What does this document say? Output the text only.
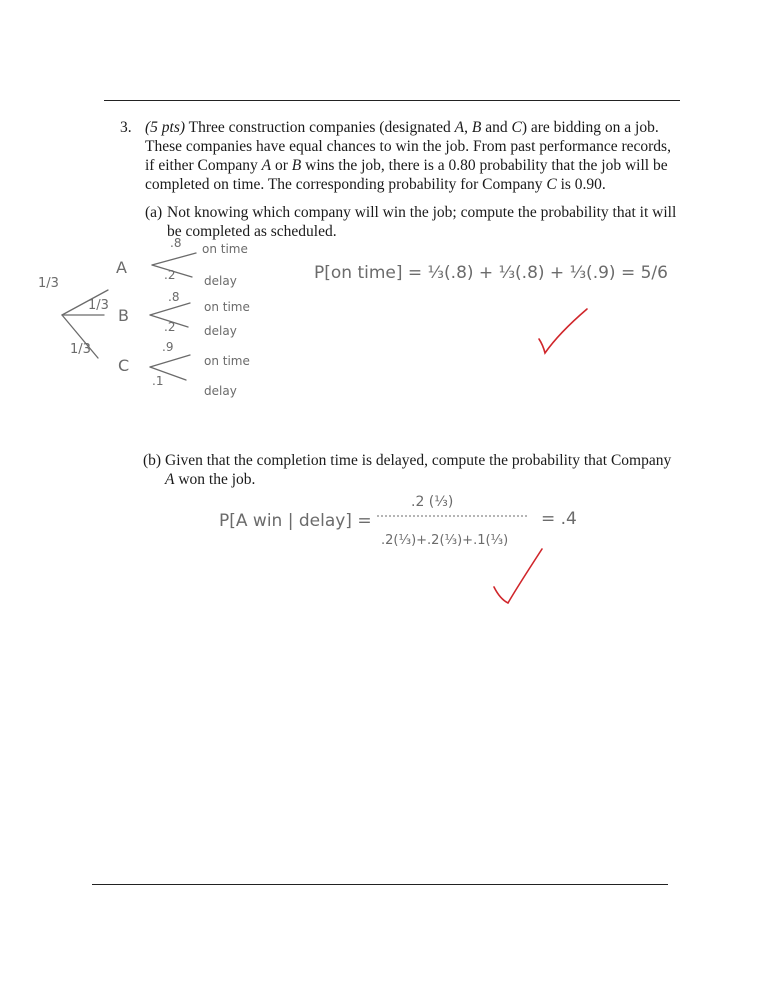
3. (5 pts) Three construction companies (designated A, B and C) are bidding on a job. These companies have equal chances to win the job. From past performance records, if either Company A or B wins the job, there is a 0.80 probability that the job will be completed on time. The corresponding probability for Company C is 0.90.
(a) Not knowing which company will win the job; compute the probability that it will be completed as scheduled.
1/3
1/3
1/3
A
B
C
.8
.2
.8
.2
.9
.1
on time
delay
on time
delay
on time
delay
P[on time] = ⅓(.8) + ⅓(.8) + ⅓(.9) = 5/6
(b) Given that the completion time is delayed, compute the probability that Company A won the job.
P[A win | delay] =
.2 (⅓)
.2(⅓)+.2(⅓)+.1(⅓)
= .4
